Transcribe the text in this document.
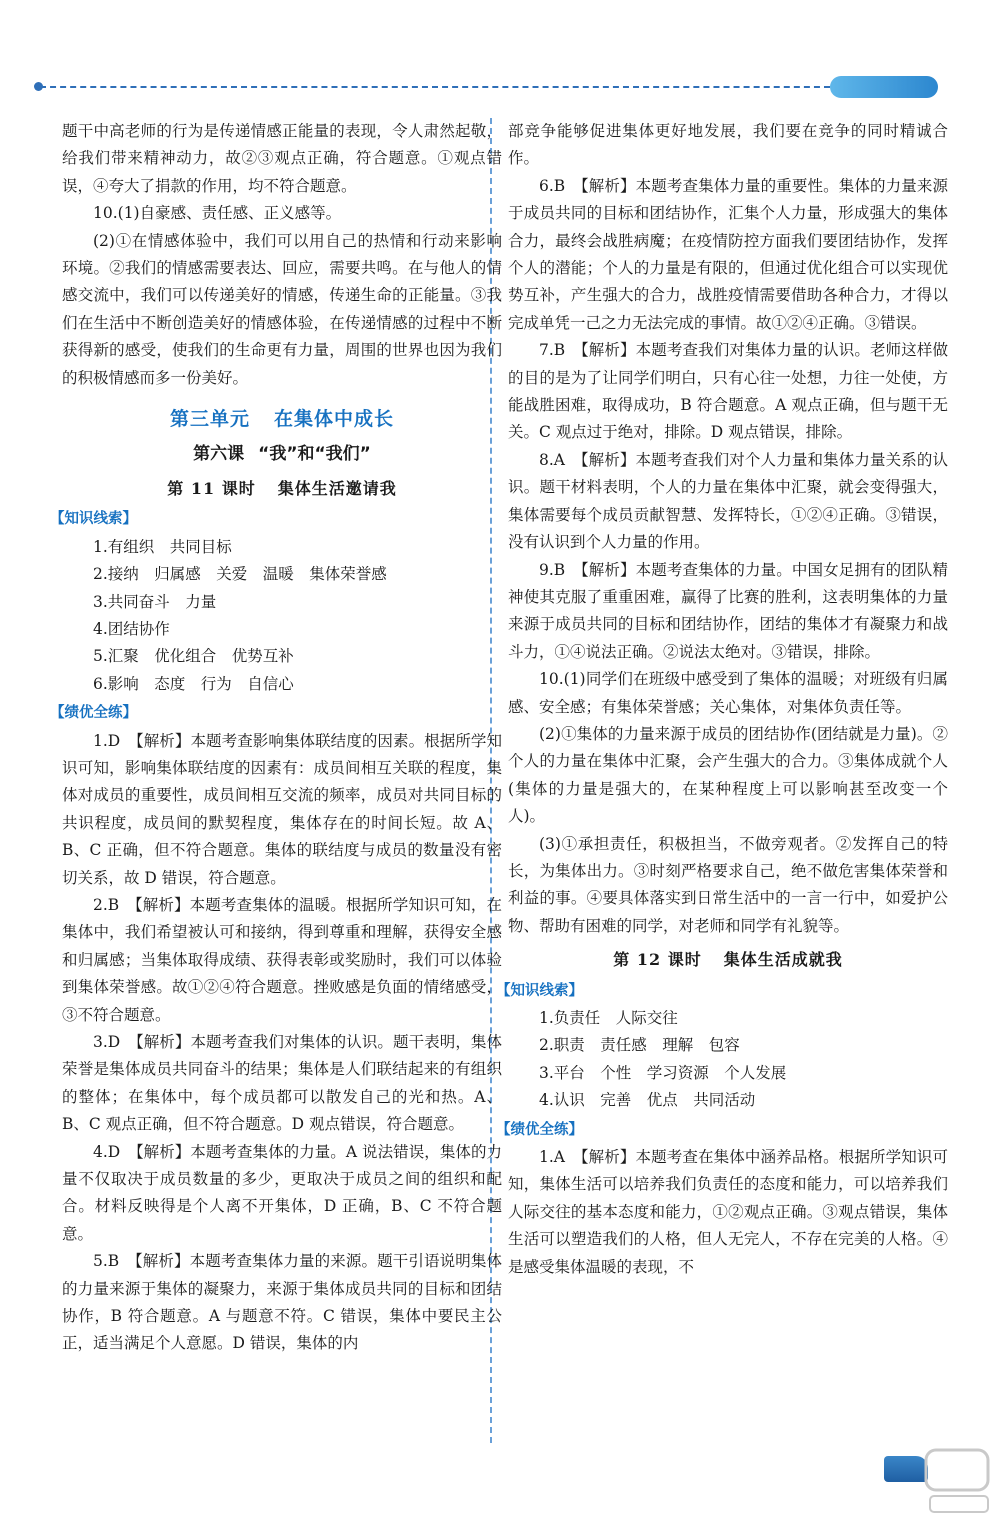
题干中高老师的行为是传递情感正能量的表现，令人肃然起敬，给我们带来精神动力，故②③观点正确，符合题意。①观点错误，④夸大了捐款的作用，均不符合题意。

10.(1)自豪感、责任感、正义感等。

(2)①在情感体验中，我们可以用自己的热情和行动来影响环境。②我们的情感需要表达、回应，需要共鸣。在与他人的情感交流中，我们可以传递美好的情感，传递生命的正能量。③我们在生活中不断创造美好的情感体验，在传递情感的过程中不断获得新的感受，使我们的生命更有力量，周围的世界也因为我们的积极情感而多一份美好。

第三单元 在集体中成长
第六课 “我”和“我们”
第 11 课时 集体生活邀请我
【知识线索】

1.有组织　共同目标

2.接纳　归属感　关爱　温暖　集体荣誉感

3.共同奋斗　力量

4.团结协作

5.汇聚　优化组合　优势互补

6.影响　态度　行为　自信心

【绩优全练】

1.D　【解析】本题考查影响集体联结度的因素。根据所学知识可知，影响集体联结度的因素有：成员间相互关联的程度，集体对成员的重要性，成员间相互交流的频率，成员对共同目标的共识程度，成员间的默契程度，集体存在的时间长短。故 A、B、C 正确，但不符合题意。集体的联结度与成员的数量没有密切关系，故 D 错误，符合题意。

2.B　【解析】本题考查集体的温暖。根据所学知识可知，在集体中，我们希望被认可和接纳，得到尊重和理解，获得安全感和归属感；当集体取得成绩、获得表彰或奖励时，我们可以体验到集体荣誉感。故①②④符合题意。挫败感是负面的情绪感受，③不符合题意。

3.D　【解析】本题考查我们对集体的认识。题干表明，集体荣誉是集体成员共同奋斗的结果；集体是人们联结起来的有组织的整体；在集体中，每个成员都可以散发自己的光和热。A、B、C 观点正确，但不符合题意。D 观点错误，符合题意。

4.D　【解析】本题考查集体的力量。A 说法错误，集体的力量不仅取决于成员数量的多少，更取决于成员之间的组织和配合。材料反映得是个人离不开集体，D 正确，B、C 不符合题意。

5.B　【解析】本题考查集体力量的来源。题干引语说明集体的力量来源于集体的凝聚力，来源于集体成员共同的目标和团结协作，B 符合题意。A 与题意不符。C 错误，集体中要民主公正，适当满足个人意愿。D 错误，集体的内

部竞争能够促进集体更好地发展，我们要在竞争的同时精诚合作。

6.B　【解析】本题考查集体力量的重要性。集体的力量来源于成员共同的目标和团结协作，汇集个人力量，形成强大的集体合力，最终会战胜病魔；在疫情防控方面我们要团结协作，发挥个人的潜能；个人的力量是有限的，但通过优化组合可以实现优势互补，产生强大的合力，战胜疫情需要借助各种合力，才得以完成单凭一己之力无法完成的事情。故①②④正确。③错误。

7.B　【解析】本题考查我们对集体力量的认识。老师这样做的目的是为了让同学们明白，只有心往一处想，力往一处使，方能战胜困难，取得成功，B 符合题意。A 观点正确，但与题干无关。C 观点过于绝对，排除。D 观点错误，排除。

8.A　【解析】本题考查我们对个人力量和集体力量关系的认识。题干材料表明，个人的力量在集体中汇聚，就会变得强大，集体需要每个成员贡献智慧、发挥特长，①②④正确。③错误，没有认识到个人力量的作用。

9.B　【解析】本题考查集体的力量。中国女足拥有的团队精神使其克服了重重困难，赢得了比赛的胜利，这表明集体的力量来源于成员共同的目标和团结协作，团结的集体才有凝聚力和战斗力，①④说法正确。②说法太绝对。③错误，排除。

10.(1)同学们在班级中感受到了集体的温暖；对班级有归属感、安全感；有集体荣誉感；关心集体，对集体负责任等。

(2)①集体的力量来源于成员的团结协作(团结就是力量)。②个人的力量在集体中汇聚，会产生强大的合力。③集体成就个人(集体的力量是强大的，在某种程度上可以影响甚至改变一个人)。

(3)①承担责任，积极担当，不做旁观者。②发挥自己的特长，为集体出力。③时刻严格要求自己，绝不做危害集体荣誉和利益的事。④要具体落实到日常生活中的一言一行中，如爱护公物、帮助有困难的同学，对老师和同学有礼貌等。

第 12 课时 集体生活成就我
【知识线索】

1.负责任　人际交往

2.职责　责任感　理解　包容

3.平台　个性　学习资源　个人发展

4.认识　完善　优点　共同活动

【绩优全练】

1.A　【解析】本题考查在集体中涵养品格。根据所学知识可知，集体生活可以培养我们负责任的态度和能力，可以培养我们人际交往的基本态度和能力，①②观点正确。③观点错误，集体生活可以塑造我们的人格，但人无完人，不存在完美的人格。④是感受集体温暖的表现，不
